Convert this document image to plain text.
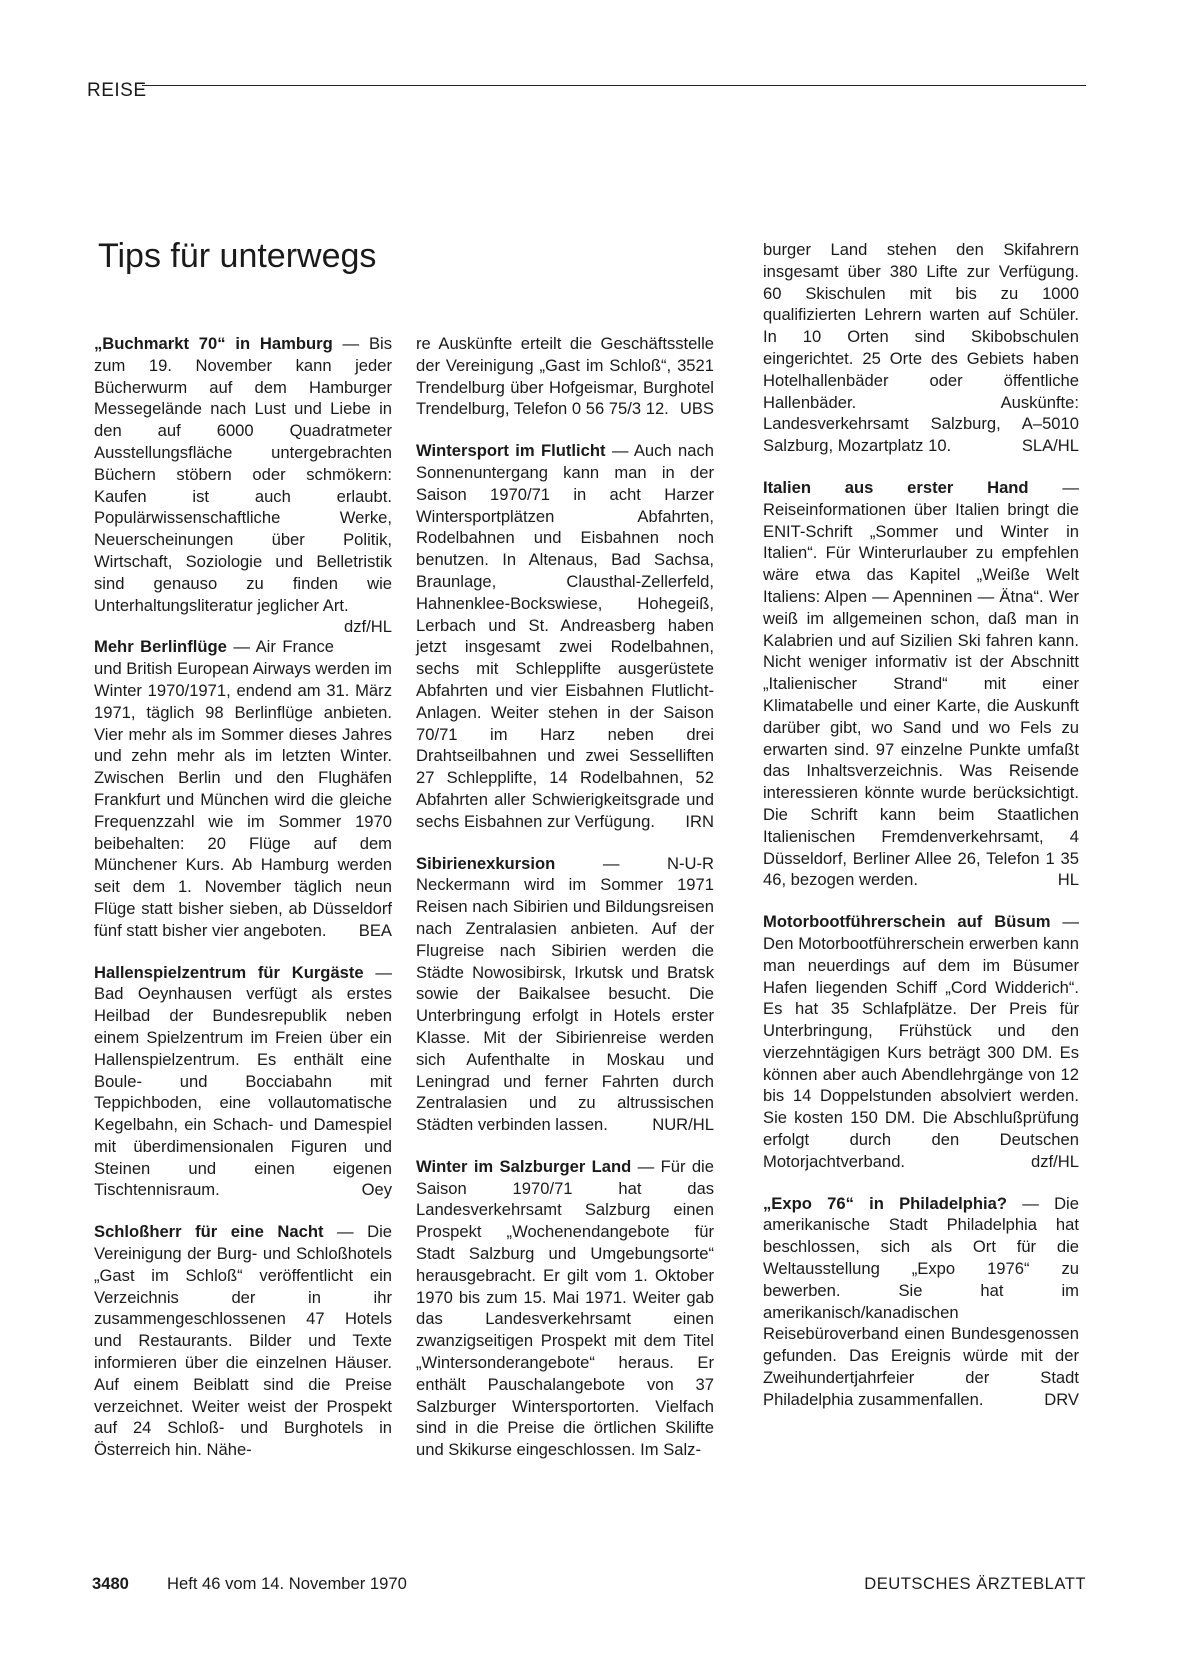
REISE
Tips für unterwegs

„Buchmarkt 70“ in Hamburg — Bis zum 19. November kann jeder Bücherwurm auf dem Hamburger Messegelände nach Lust und Liebe in den auf 6000 Quadratmeter Ausstellungsfläche untergebrachten Büchern stöbern oder schmökern: Kaufen ist auch erlaubt. Populärwissenschaftliche Werke, Neuerscheinungen über Politik, Wirtschaft, Soziologie und Belletristik sind genauso zu finden wie Unterhaltungsliteratur jeglicher Art.
dzf/HL

Mehr Berlinflüge — Air France und British European Airways werden im Winter 1970/1971, endend am 31. März 1971, täglich 98 Berlinflüge anbieten. Vier mehr als im Sommer dieses Jahres und zehn mehr als im letzten Winter. Zwischen Berlin und den Flughäfen Frankfurt und München wird die gleiche Frequenzzahl wie im Sommer 1970 beibehalten: 20 Flüge auf dem Münchener Kurs. Ab Hamburg werden seit dem 1. November täglich neun Flüge statt bisher sieben, ab Düsseldorf fünf statt bisher vier angeboten. BEA

Hallenspielzentrum für Kurgäste — Bad Oeynhausen verfügt als erstes Heilbad der Bundesrepublik neben einem Spielzentrum im Freien über ein Hallenspielzentrum. Es enthält eine Boule- und Bocciabahn mit Teppichboden, eine vollautomatische Kegelbahn, ein Schach- und Damespiel mit überdimensionalen Figuren und Steinen und einen eigenen Tischtennisraum.	Oey

Schloßherr für eine Nacht — Die Vereinigung der Burg- und Schloßhotels „Gast im Schloß“ veröffentlicht ein Verzeichnis der in ihr zusammengeschlossenen 47 Hotels und Restaurants. Bilder und Texte informieren über die einzelnen Häuser. Auf einem Beiblatt sind die Preise verzeichnet. Weiter weist der Prospekt auf 24 Schloß- und Burghotels in Österreich hin. Nähe-

re Auskünfte erteilt die Geschäftsstelle der Vereinigung „Gast im Schloß“, 3521 Trendelburg über Hofgeismar, Burghotel Trendelburg, Telefon 0 56 75/3 12. UBS

Wintersport im Flutlicht — Auch nach Sonnenuntergang kann man in der Saison 1970/71 in acht Harzer Wintersportplätzen Abfahrten, Rodelbahnen und Eisbahnen noch benutzen. In Altenaus, Bad Sachsa, Braunlage, Clausthal-Zellerfeld, Hahnenklee-Bockswiese, Hohegeiß, Lerbach und St. Andreasberg haben jetzt insgesamt zwei Rodelbahnen, sechs mit Schlepplifte ausgerüstete Abfahrten und vier Eisbahnen Flutlicht-Anlagen. Weiter stehen in der Saison 70/71 im Harz neben drei Drahtseilbahnen und zwei Sesselliften 27 Schlepplifte, 14 Rodelbahnen, 52 Abfahrten aller Schwierigkeitsgrade und sechs Eisbahnen zur Verfügung. IRN

Sibirienexkursion	— N-U-R Neckermann wird im Sommer 1971 Reisen nach Sibirien und Bildungsreisen nach Zentralasien anbieten. Auf der Flugreise nach Sibirien werden die Städte Nowosibirsk, Irkutsk und Bratsk sowie der Baikalsee besucht. Die Unterbringung erfolgt in Hotels erster Klasse. Mit der Sibirienreise werden sich Aufenthalte in Moskau und Leningrad und ferner Fahrten durch Zentralasien und zu altrussischen Städten verbinden lassen.	NUR/HL

Winter im Salzburger Land — Für die Saison 1970/71 hat das Landesverkehrsamt Salzburg einen Prospekt „Wochenendangebote für Stadt Salzburg und Umgebungsorte“ herausgebracht. Er gilt vom 1. Oktober 1970 bis zum 15. Mai 1971. Weiter gab das Landesverkehrsamt einen zwanzigseitigen Prospekt mit dem Titel „Wintersonderangebote“ heraus. Er enthält Pauschalangebote von 37 Salzburger Wintersportorten. Vielfach sind in die Preise die örtlichen Skilifte und Skikurse eingeschlossen. Im Salz-

burger Land stehen den Skifahrern insgesamt über 380 Lifte zur Verfügung. 60 Skischulen mit bis zu 1000 qualifizierten Lehrern warten auf Schüler. In 10 Orten sind Skibobschulen eingerichtet. 25 Orte des Gebiets haben Hotelhallenbäder oder öffentliche Hallenbäder. Auskünfte: Landesverkehrsamt Salzburg, A–5010 Salzburg, Mozartplatz 10.	SLA/HL

Italien aus erster Hand — Reiseinformationen über Italien bringt die ENIT-Schrift „Sommer und Winter in Italien“. Für Winterurlauber zu empfehlen wäre etwa das Kapitel „Weiße Welt Italiens: Alpen — Apenninen — Ätna“. Wer weiß im allgemeinen schon, daß man in Kalabrien und auf Sizilien Ski fahren kann. Nicht weniger informativ ist der Abschnitt „Italienischer Strand“ mit einer Klimatabelle und einer Karte, die Auskunft darüber gibt, wo Sand und wo Fels zu erwarten sind. 97 einzelne Punkte umfaßt das Inhaltsverzeichnis. Was Reisende interessieren könnte wurde berücksichtigt. Die Schrift kann beim Staatlichen Italienischen Fremdenverkehrsamt, 4 Düsseldorf, Berliner Allee 26, Telefon 1 35 46, bezogen werden.	HL

Motorbootführerschein auf Büsum — Den Motorbootführerschein erwerben kann man neuerdings auf dem im Büsumer Hafen liegenden Schiff „Cord Widderich“. Es hat 35 Schlafplätze. Der Preis für Unterbringung, Frühstück und den vierzehntägigen Kurs beträgt 300 DM. Es können aber auch Abendlehrgänge von 12 bis 14 Doppelstunden absolviert werden. Sie kosten 150 DM. Die Abschlußprüfung erfolgt durch den Deutschen Motorjachtverband.	dzf/HL

„Expo 76“ in Philadelphia? — Die amerikanische Stadt Philadelphia hat beschlossen, sich als Ort für die Weltausstellung „Expo 1976“ zu bewerben. Sie hat im amerikanisch/kanadischen Reisebüroverband einen Bundesgenossen gefunden. Das Ereignis würde mit der Zweihundertjahrfeier der Stadt Philadelphia zusammenfallen.	DRV

3480 Heft 46 vom 14. November 1970	DEUTSCHES ÄRZTEBLATT
